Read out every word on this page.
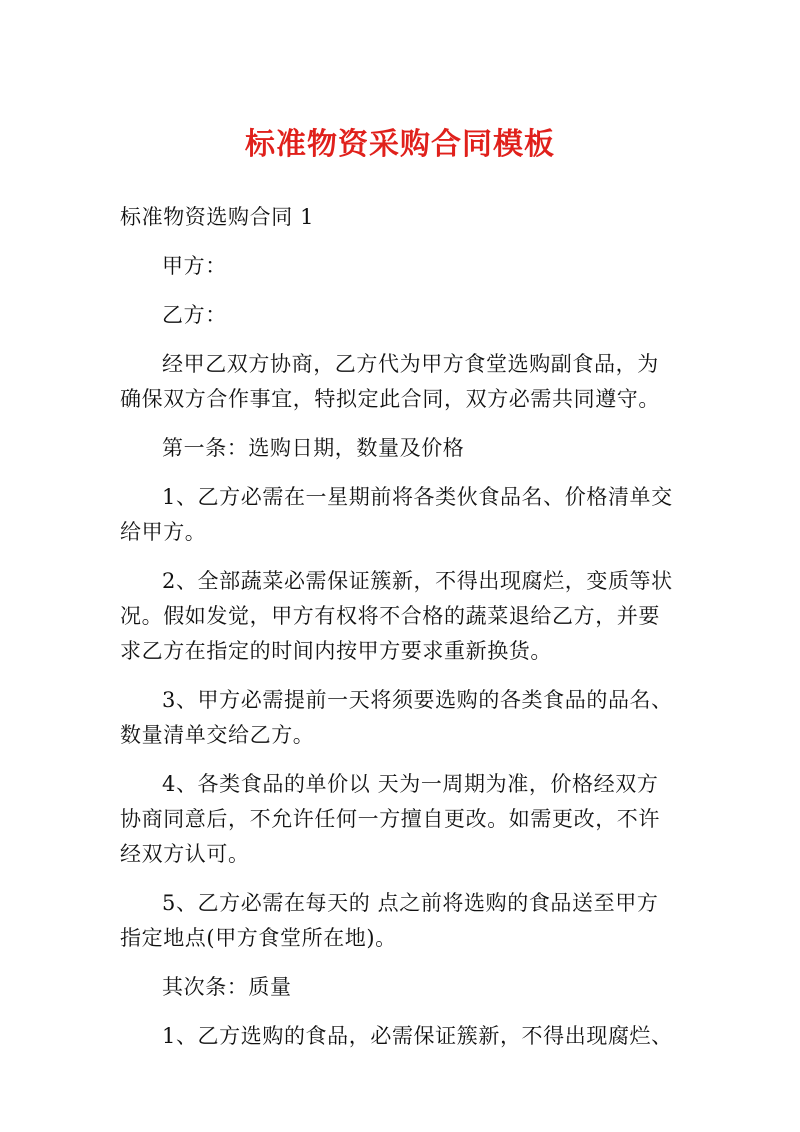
标准物资采购合同模板

标准物资选购合同 1

甲方：

乙方：

经甲乙双方协商，乙方代为甲方食堂选购副食品，为确保双方合作事宜，特拟定此合同，双方必需共同遵守。

第一条：选购日期，数量及价格

1、乙方必需在一星期前将各类伙食品名、价格清单交给甲方。

2、全部蔬菜必需保证簇新，不得出现腐烂，变质等状况。假如发觉，甲方有权将不合格的蔬菜退给乙方，并要求乙方在指定的时间内按甲方要求重新换货。

3、甲方必需提前一天将须要选购的各类食品的品名、数量清单交给乙方。

4、各类食品的单价以 天为一周期为准，价格经双方协商同意后，不允许任何一方擅自更改。如需更改，不许经双方认可。

5、乙方必需在每天的 点之前将选购的食品送至甲方指定地点(甲方食堂所在地)。

其次条：质量

1、乙方选购的食品，必需保证簇新，不得出现腐烂、
